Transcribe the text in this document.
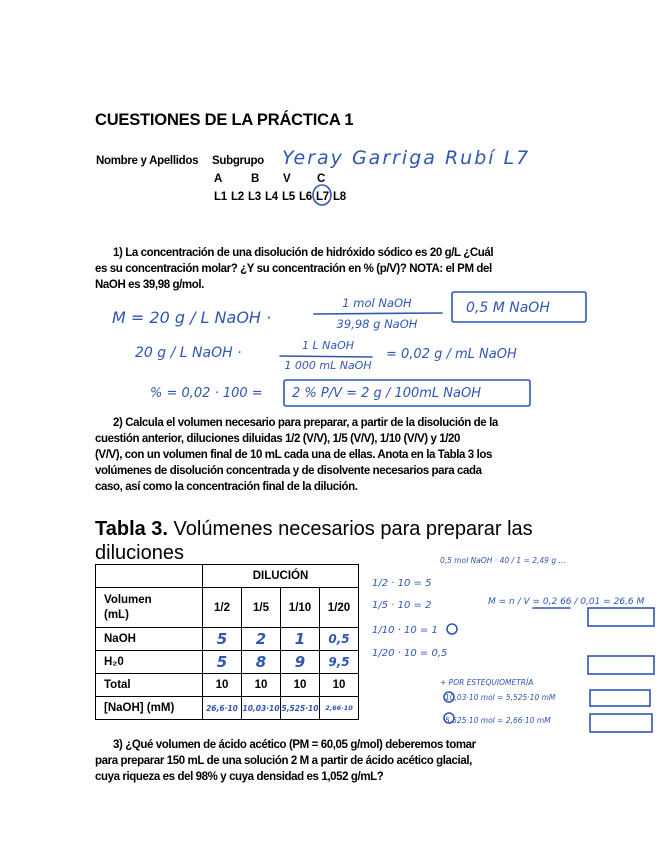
CUESTIONES DE LA PRÁCTICA 1
Nombre y Apellidos Subgrupo Yeray Garriga Rubí L7
A	B V C
L1 L2 L3 L4 L5 L6 L7 L8
1) La concentración de una disolución de hidróxido sódico es 20 g/L ¿Cuál
es su concentración molar? ¿Y su concentración en % (p/V)? NOTA: el PM del
NaOH es 39,98 g/mol.
M = 20 g / L NaOH ·
1 mol NaOH
39,98 g NaOH
0,5 M NaOH
20 g / L NaOH ·	1 L NaOH
1 000 mL NaOH
= 0,02 g / mL NaOH
% = 0,02 · 100 = 2 % P/V = 2 g / 100mL NaOH
2) Calcula el volumen necesario para preparar, a partir de la disolución de la
cuestión anterior, diluciones diluidas 1/2 (V/V), 1/5 (V/V), 1/10 (V/V) y 1/20
(V/V), con un volumen final de 10 mL cada una de ellas. Anota en la Tabla 3 los
volúmenes de disolución concentrada y de disolvente necesarios para cada
caso, así como la concentración final de la dilución.
Tabla 3. Volúmenes necesarios para preparar las
diluciones
	DILUCIÓN			
Volumen
(mL)	1/2	1/5	1/10	1/20
NaOH	5	2	1	0,5
H₂0	5	8	9	9,5
Total	10	10	10	10
[NaOH] (mM)	26,6·10	10,03·10	5,525·10	2,66·10
0,5 mol NaOH · 40 / 1 = 2,49 g ...
1/2 · 10 = 5
1/5 · 10 = 2
1/10 · 10 = 1
1/20 · 10 = 0,5
M = n / V = 0,2 66 / 0,01 = 26,6 M
+ POR ESTEQUIOMETRÍA
10,03·10 mol = 5,525·10 mM
5,525·10 mol = 2,66·10 mM
3) ¿Qué volumen de ácido acético (PM = 60,05 g/mol) deberemos tomar
para preparar 150 mL de una solución 2 M a partir de ácido acético glacial,
cuya riqueza es del 98% y cuya densidad es 1,052 g/mL?
